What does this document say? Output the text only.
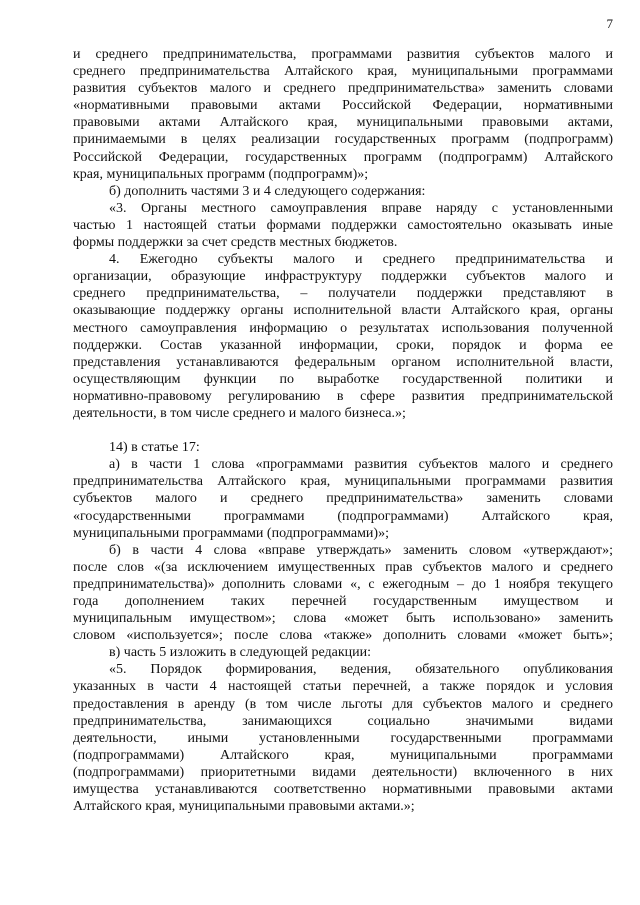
7
и среднего предпринимательства, программами развития субъектов малого и
среднего предпринимательства Алтайского края, муниципальными программами
развития субъектов малого и среднего предпринимательства» заменить словами
«нормативными правовыми актами Российской Федерации, нормативными
правовыми актами Алтайского края, муниципальными правовыми актами,
принимаемыми в целях реализации государственных программ (подпрограмм)
Российской Федерации, государственных программ (подпрограмм) Алтайского
края, муниципальных программ (подпрограмм)»;
б) дополнить частями 3 и 4 следующего содержания:
«3. Органы местного самоуправления вправе наряду с установленными
частью 1 настоящей статьи формами поддержки самостоятельно оказывать иные
формы поддержки за счет средств местных бюджетов.
4. Ежегодно субъекты малого и среднего предпринимательства и
организации, образующие инфраструктуру поддержки субъектов малого и
среднего предпринимательства, – получатели поддержки представляют в
оказывающие поддержку органы исполнительной власти Алтайского края, органы
местного самоуправления информацию о результатах использования полученной
поддержки. Состав указанной информации, сроки, порядок и форма ее
представления устанавливаются федеральным органом исполнительной власти,
осуществляющим функции по выработке государственной политики и
нормативно-правовому регулированию в сфере развития предпринимательской
деятельности, в том числе среднего и малого бизнеса.»;
14) в статье 17:
а) в части 1 слова «программами развития субъектов малого и среднего
предпринимательства Алтайского края, муниципальными программами развития
субъектов малого и среднего предпринимательства» заменить словами
«государственными программами (подпрограммами) Алтайского края,
муниципальными программами (подпрограммами)»;
б) в части 4 слова «вправе утверждать» заменить словом «утверждают»;
после слов «(за исключением имущественных прав субъектов малого и среднего
предпринимательства)» дополнить словами «, с ежегодным – до 1 ноября текущего
года дополнением таких перечней государственным имуществом и
муниципальным имуществом»; слова «может быть использовано» заменить
словом «используется»; после слова «также» дополнить словами «может быть»;
в) часть 5 изложить в следующей редакции:
«5. Порядок формирования, ведения, обязательного опубликования
указанных в части 4 настоящей статьи перечней, а также порядок и условия
предоставления в аренду (в том числе льготы для субъектов малого и среднего
предпринимательства, занимающихся социально значимыми видами
деятельности, иными установленными государственными программами
(подпрограммами) Алтайского края, муниципальными программами
(подпрограммами) приоритетными видами деятельности) включенного в них
имущества устанавливаются соответственно нормативными правовыми актами
Алтайского края, муниципальными правовыми актами.»;
